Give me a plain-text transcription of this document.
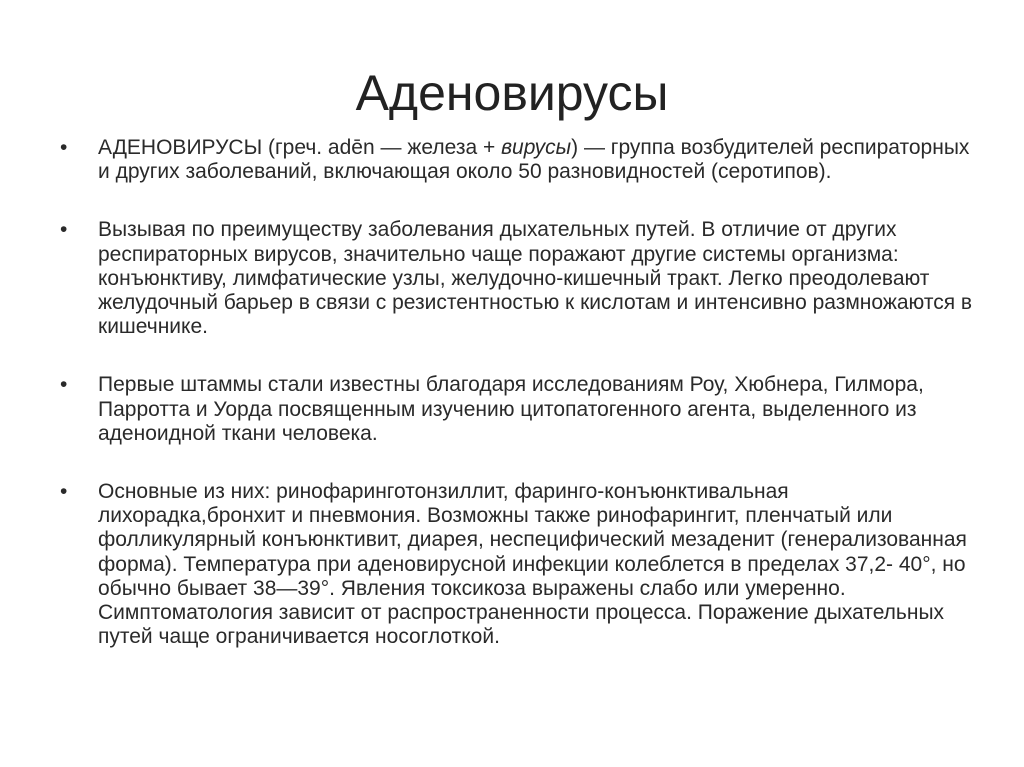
Аденовирусы
• АДЕНОВИРУСЫ (греч. adēn — железа + вирусы) — группа возбудителей респираторных и других заболеваний, включающая около 50 разновидностей (серотипов).
• Вызывая по преимуществу заболевания дыхательных путей. В отличие от других респираторных вирусов, значительно чаще поражают другие системы организма: конъюнктиву, лимфатические узлы, желудочно-кишечный тракт. Легко преодолевают желудочный барьер в связи с резистентностью к кислотам и интенсивно размножаются в кишечнике.
• Первые штаммы стали известны благодаря исследованиям Роу, Хюбнера, Гилмора, Парротта и Уорда посвященным изучению цитопатогенного агента, выделенного из аденоидной ткани человека.
• Основные из них: ринофаринготонзиллит, фаринго-конъюнктивальная лихорадка,бронхит и пневмония. Возможны также ринофарингит, пленчатый или фолликулярный конъюнктивит, диарея, неспецифический мезаденит (генерализованная форма). Температура при аденовирусной инфекции колеблется в пределах 37,2- 40°, но обычно бывает 38—39°. Явления токсикоза выражены слабо или умеренно. Симптоматология зависит от распространенности процесса. Поражение дыхательных путей чаще ограничивается носоглоткой.
